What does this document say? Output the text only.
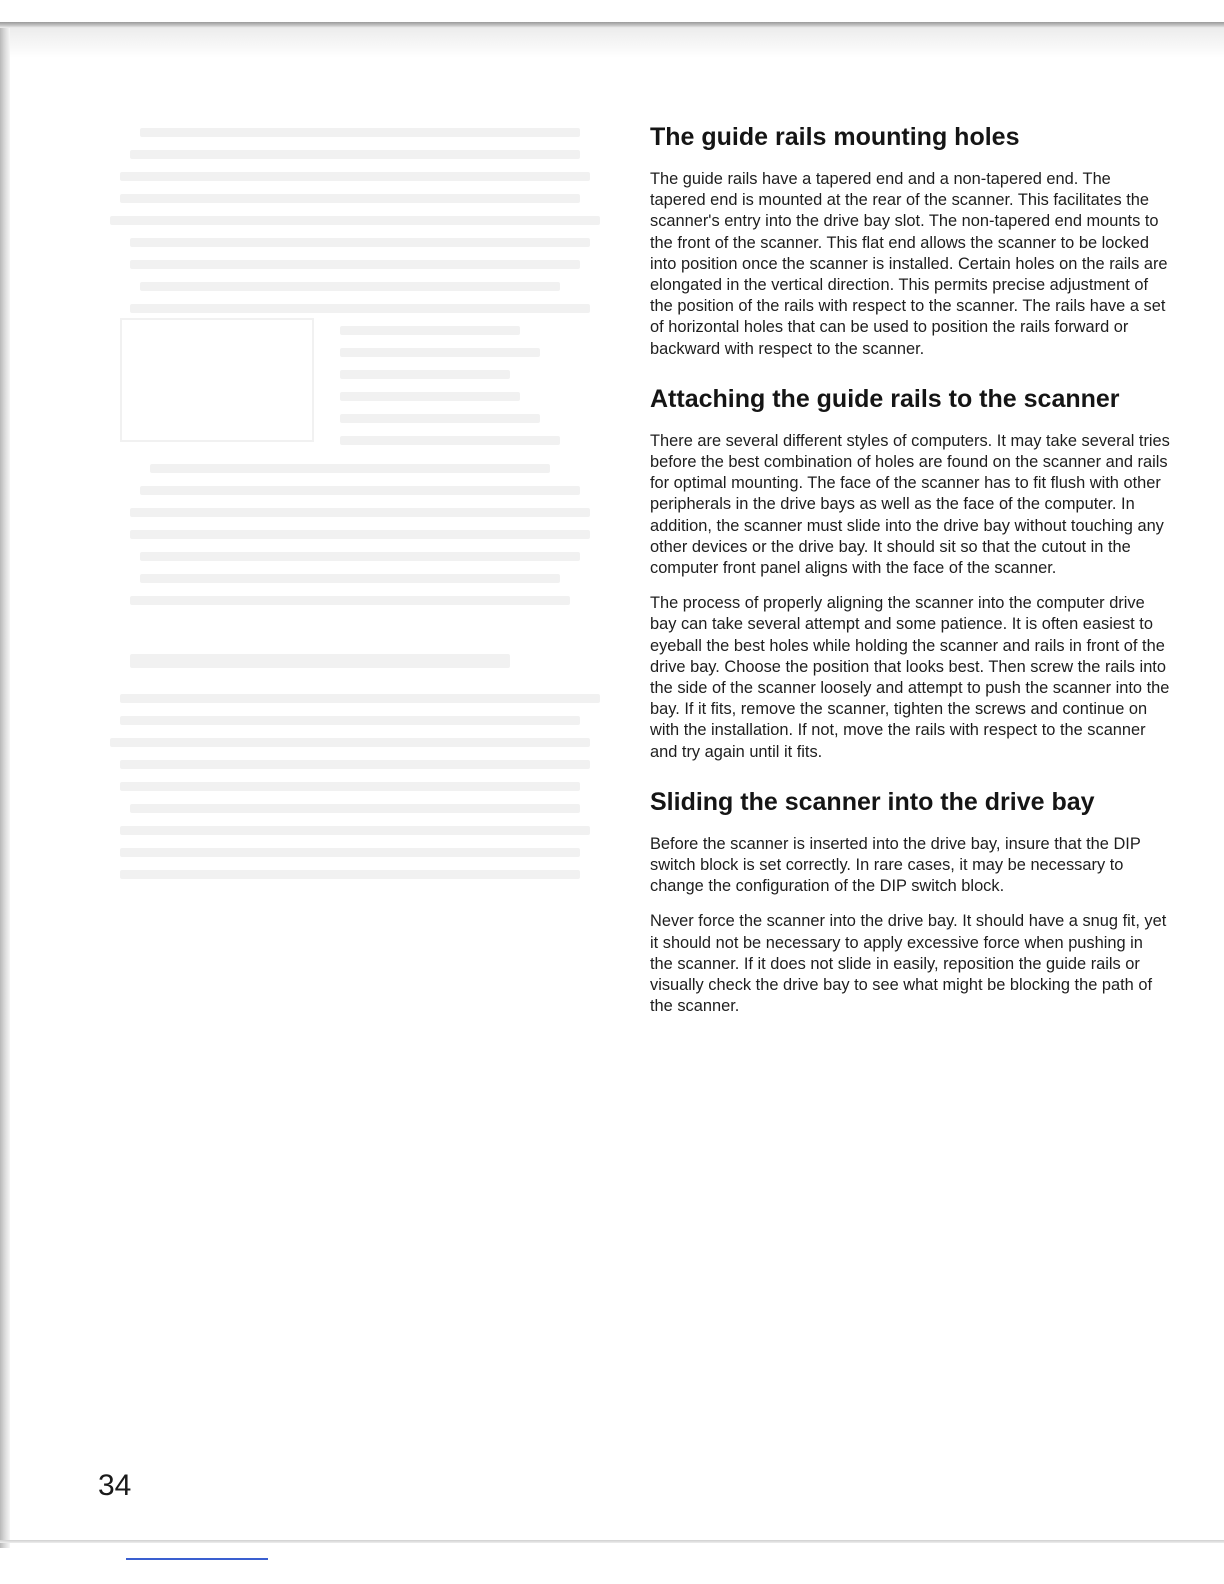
The guide rails mounting holes

The guide rails have a tapered end and a non-tapered end. The tapered end is mounted at the rear of the scanner. This facilitates the scanner's entry into the drive bay slot. The non-tapered end mounts to the front of the scanner. This flat end allows the scanner to be locked into position once the scanner is installed. Certain holes on the rails are elongated in the vertical direction. This permits precise adjustment of the position of the rails with respect to the scanner. The rails have a set of horizontal holes that can be used to position the rails forward or backward with respect to the scanner.

Attaching the guide rails to the scanner

There are several different styles of computers. It may take several tries before the best combination of holes are found on the scanner and rails for optimal mounting. The face of the scanner has to fit flush with other peripherals in the drive bays as well as the face of the computer. In addition, the scanner must slide into the drive bay without touching any other devices or the drive bay. It should sit so that the cutout in the computer front panel aligns with the face of the scanner.

The process of properly aligning the scanner into the computer drive bay can take several attempt and some patience. It is often easiest to eyeball the best holes while holding the scanner and rails in front of the drive bay. Choose the position that looks best. Then screw the rails into the side of the scanner loosely and attempt to push the scanner into the bay. If it fits, remove the scanner, tighten the screws and continue on with the installation. If not, move the rails with respect to the scanner and try again until it fits.

Sliding the scanner into the drive bay

Before the scanner is inserted into the drive bay, insure that the DIP switch block is set correctly. In rare cases, it may be necessary to change the configuration of the DIP switch block.

Never force the scanner into the drive bay. It should have a snug fit, yet it should not be necessary to apply excessive force when pushing in the scanner. If it does not slide in easily, reposition the guide rails or visually check the drive bay to see what might be blocking the path of the scanner.

34
